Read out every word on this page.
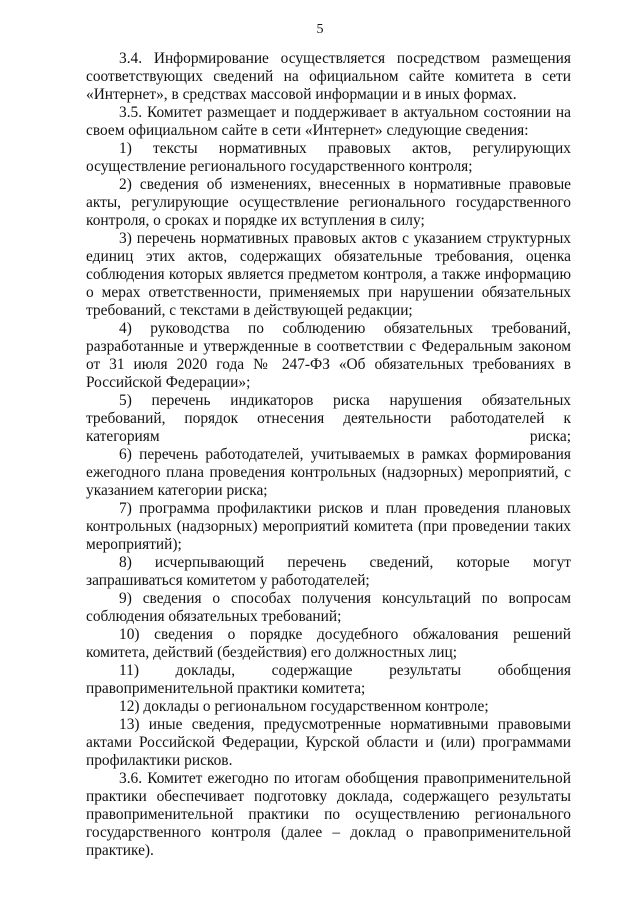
5

3.4. Информирование осуществляется посредством размещения соответствующих сведений на официальном сайте комитета в сети «Интернет», в средствах массовой информации и в иных формах.

3.5. Комитет размещает и поддерживает в актуальном состоянии на своем официальном сайте в сети «Интернет» следующие сведения:

1) тексты нормативных правовых актов, регулирующих осуществление регионального государственного контроля;

2) сведения об изменениях, внесенных в нормативные правовые акты, регулирующие осуществление регионального государственного контроля, о сроках и порядке их вступления в силу;

3) перечень нормативных правовых актов с указанием структурных единиц этих актов, содержащих обязательные требования, оценка соблюдения которых является предметом контроля, а также информацию о мерах ответственности, применяемых при нарушении обязательных требований, с текстами в действующей редакции;

4) руководства по соблюдению обязательных требований, разработанные и утвержденные в соответствии с Федеральным законом от 31 июля 2020 года № 247-ФЗ «Об обязательных требованиях в Российской Федерации»;

5) перечень индикаторов риска нарушения обязательных требований, порядок отнесения деятельности работодателей к категориям риска;

6) перечень работодателей, учитываемых в рамках формирования ежегодного плана проведения контрольных (надзорных) мероприятий, с указанием категории риска;

7) программа профилактики рисков и план проведения плановых контрольных (надзорных) мероприятий комитета (при проведении таких мероприятий);

8) исчерпывающий перечень сведений, которые могут запрашиваться комитетом у работодателей;

9) сведения о способах получения консультаций по вопросам соблюдения обязательных требований;

10) сведения о порядке досудебного обжалования решений комитета, действий (бездействия) его должностных лиц;

11) доклады, содержащие результаты обобщения правоприменительной практики комитета;

12) доклады о региональном государственном контроле;

13) иные сведения, предусмотренные нормативными правовыми актами Российской Федерации, Курской области и (или) программами профилактики рисков.

3.6. Комитет ежегодно по итогам обобщения правоприменительной практики обеспечивает подготовку доклада, содержащего результаты правоприменительной практики по осуществлению регионального государственного контроля (далее – доклад о правоприменительной практике).
